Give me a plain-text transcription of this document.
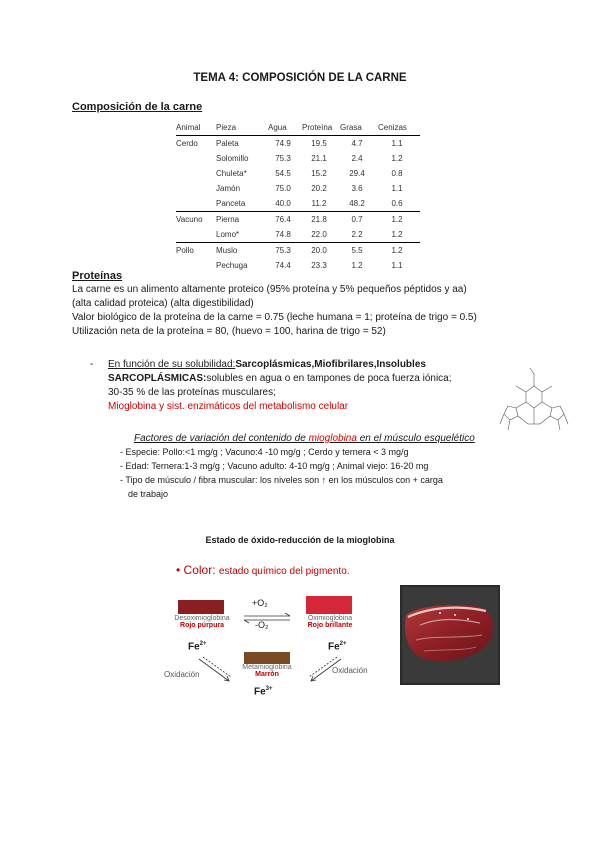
TEMA 4: COMPOSICIÓN DE LA CARNE
Composición de la carne
Animal	Pieza	Agua	Proteína	Grasa	Cenizas
Cerdo	Paleta	74.9	19.5	4.7	1.1
	Solomillo	75.3	21.1	2.4	1.2
	Chuleta*	54.5	15.2	29.4	0.8
	Jamón	75.0	20.2	3.6	1.1
	Panceta	40.0	11.2	48.2	0.6
Vacuno	Pierna	76.4	21.8	0.7	1.2
	Lomo*	74.8	22.0	2.2	1.2
Pollo	Muslo	75.3	20.0	5.5	1.2
	Pechuga	74.4	23.3	1.2	1.1
Proteínas
La carne es un alimento altamente proteico (95% proteína y 5% pequeños péptidos y aa)
(alta calidad proteica) (alta digestibilidad)
Valor biológico de la proteína de la carne = 0.75 (leche humana = 1; proteína de trigo = 0.5)
Utilización neta de la proteína = 80, (huevo = 100, harina de trigo = 52)
- En función de su solubilidad:Sarcoplásmicas,Miofibrilares,Insolubles
SARCOPLÁSMICAS:solubles en agua o en tampones de poca fuerza iónica;
30-35 % de las proteínas musculares;
Mioglobina y sist. enzimáticos del metabolismo celular
Factores de variación del contenido de mioglobina en el músculo esquelético
- Especie: Pollo:<1 mg/g ; Vacuno:4 -10 mg/g ; Cerdo y ternera < 3 mg/g
- Edad: Ternera:1-3 mg/g ; Vacuno adulto: 4-10 mg/g ; Animal viejo: 16-20 mg
- Tipo de músculo / fibra muscular: los niveles son ↑ en los músculos con + carga
de trabajo
Estado de óxido-reducción de la mioglobina
• Color: estado químico del pigmento.
Desoximioglobina
Rojo púrpura
Oximioglobina
Rojo brillante
+O₂
-O₂
$Fe^{2+}$	$Fe^{2+}$
Oxidación	Oxidación
Metamioglobina
Marrón
$Fe^{3+}$
